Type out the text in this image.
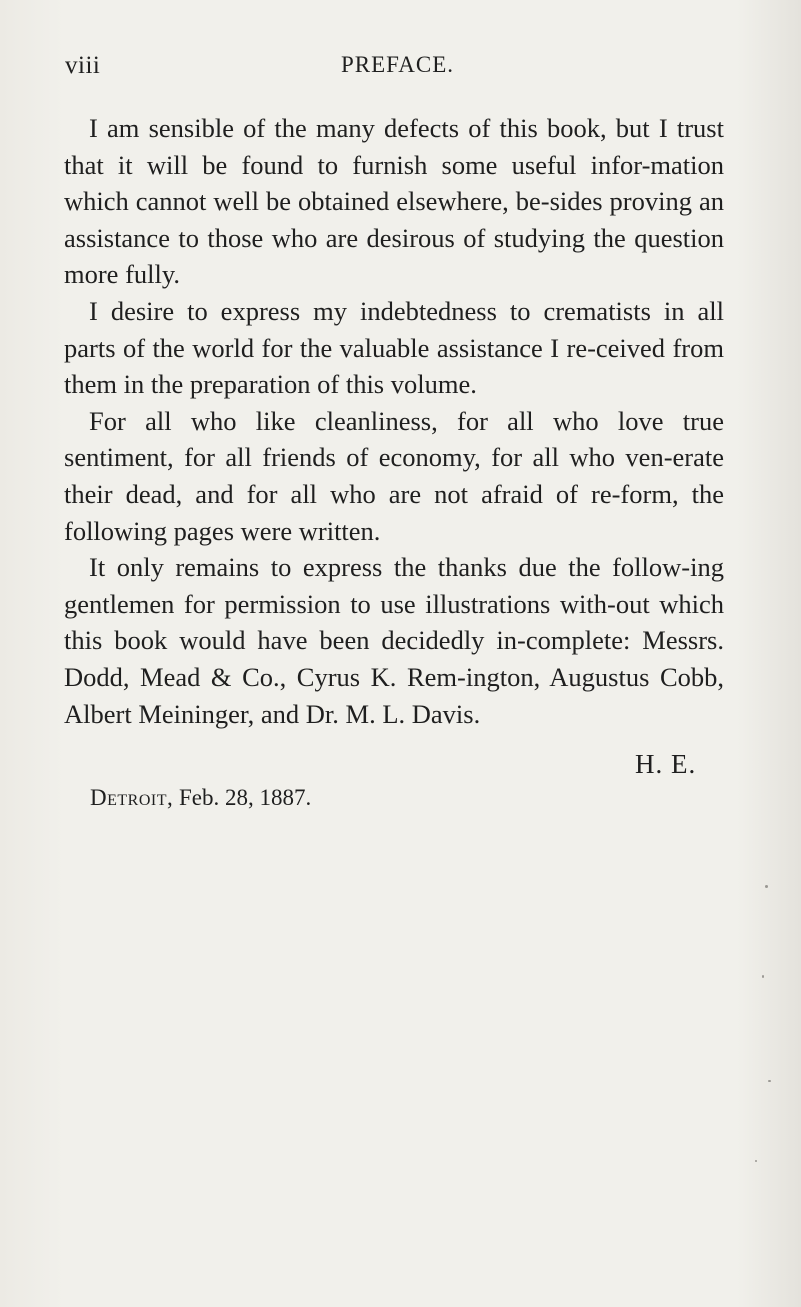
viii	PREFACE.

I am sensible of the many defects of this book, but I trust that it will be found to furnish some useful infor-mation which cannot well be obtained elsewhere, be-sides proving an assistance to those who are desirous of studying the question more fully.

I desire to express my indebtedness to crematists in all parts of the world for the valuable assistance I re-ceived from them in the preparation of this volume.

For all who like cleanliness, for all who love true sentiment, for all friends of economy, for all who ven-erate their dead, and for all who are not afraid of re-form, the following pages were written.

It only remains to express the thanks due the follow-ing gentlemen for permission to use illustrations with-out which this book would have been decidedly in-complete: Messrs. Dodd, Mead & Co., Cyrus K. Rem-ington, Augustus Cobb, Albert Meininger, and Dr. M. L. Davis.

H. E.
Detroit, Feb. 28, 1887.
